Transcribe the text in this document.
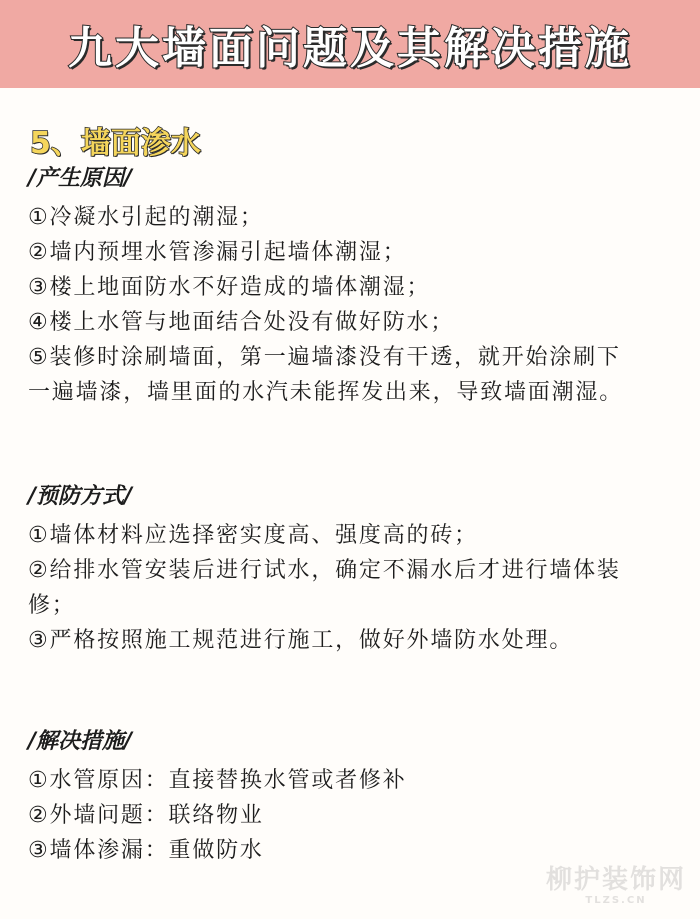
九大墙面问题及其解决措施
5、墙面渗水
/产生原因/
①冷凝水引起的潮湿；
②墙内预埋水管渗漏引起墙体潮湿；
③楼上地面防水不好造成的墙体潮湿；
④楼上水管与地面结合处没有做好防水；
⑤装修时涂刷墙面，第一遍墙漆没有干透，就开始涂刷下
一遍墙漆，墙里面的水汽未能挥发出来，导致墙面潮湿。
/预防方式/
①墙体材料应选择密实度高、强度高的砖；
②给排水管安装后进行试水，确定不漏水后才进行墙体装
修；
③严格按照施工规范进行施工，做好外墙防水处理。
/解决措施/
①水管原因：直接替换水管或者修补
②外墙问题：联络物业
③墙体渗漏：重做防水
柳护装饰网
TLZS.CN
